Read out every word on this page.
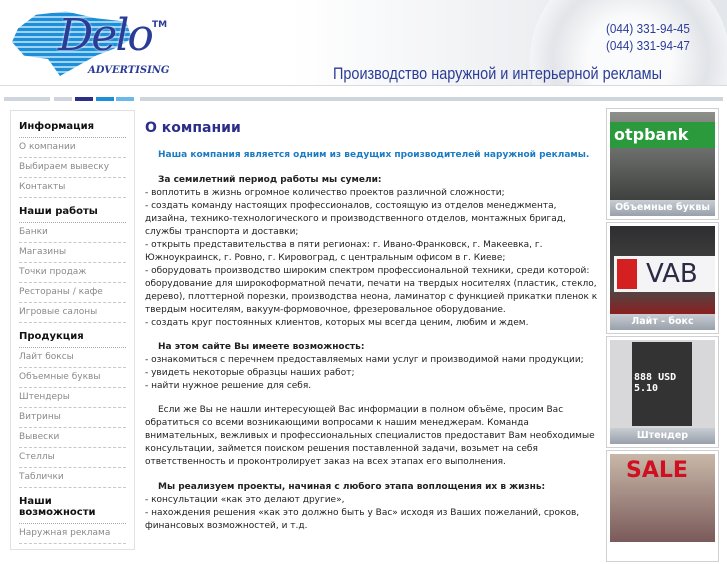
Delo TM
ADVERTISING
(044) 331-94-45
(044) 331-94-47
Производство наружной и интерьерной рекламы
Информация
О компании
Выбираем вывеску
Контакты
Наши работы
Банки
Магазины
Точки продаж
Рестораны / кафе
Игровые салоны
Продукция
Лайт боксы
Объемные буквы
Штендеры
Витрины
Вывески
Стеллы
Таблички
Наши возможности
Наружная реклама
О компании
Наша компания является одним из ведущих производителей наружной рекламы.
За семилетний период работы мы сумели:
- воплотить в жизнь огромное количество проектов различной сложности;
- создать команду настоящих профессионалов, состоящую из отделов менеджмента, дизайна, технико-технологического и производственного отделов, монтажных бригад, службы транспорта и доставки;
- открыть представительства в пяти регионах: г. Ивано-Франковск, г. Макеевка, г. Южноукраинск, г. Ровно, г. Кировоград, с центральным офисом в г. Киеве;
- оборудовать производство широким спектром профессиональной техники, среди которой: оборудование для широкоформатной печати, печати на твердых носителях (пластик, стекло, дерево), плоттерной порезки, производства неона, ламинатор с функцией прикатки пленок к твердым носителям, вакуум-формовочное, фрезеровальное оборудование.
- создать круг постоянных клиентов, которых мы всегда ценим, любим и ждем.
На этом сайте Вы имеете возможность:
- ознакомиться с перечнем предоставляемых нами услуг и производимой нами продукции;
- увидеть некоторые образцы наших работ;
- найти нужное решение для себя.

Если же Вы не нашли интересующей Вас информации в полном объёме, просим Вас обратиться со всеми возникающими вопросами к нашим менеджерам. Команда внимательных, вежливых и профессиональных специалистов предоставит Вам необходимые консультации, займется поиском решения поставленной задачи, возьмет на себя ответственность и проконтролирует заказ на всех этапах его выполнения.

Мы реализуем проекты, начиная с любого этапа воплощения их в жизнь:
- консультации «как это делают другие»,
- нахождения решения «как это должно быть у Вас» исходя из Ваших пожеланий, сроков, финансовых возможностей, и т.д.
otpbank
Объемные буквы
VAB
Лайт - бокс
888 USD 5.10
Штендер
SALE
